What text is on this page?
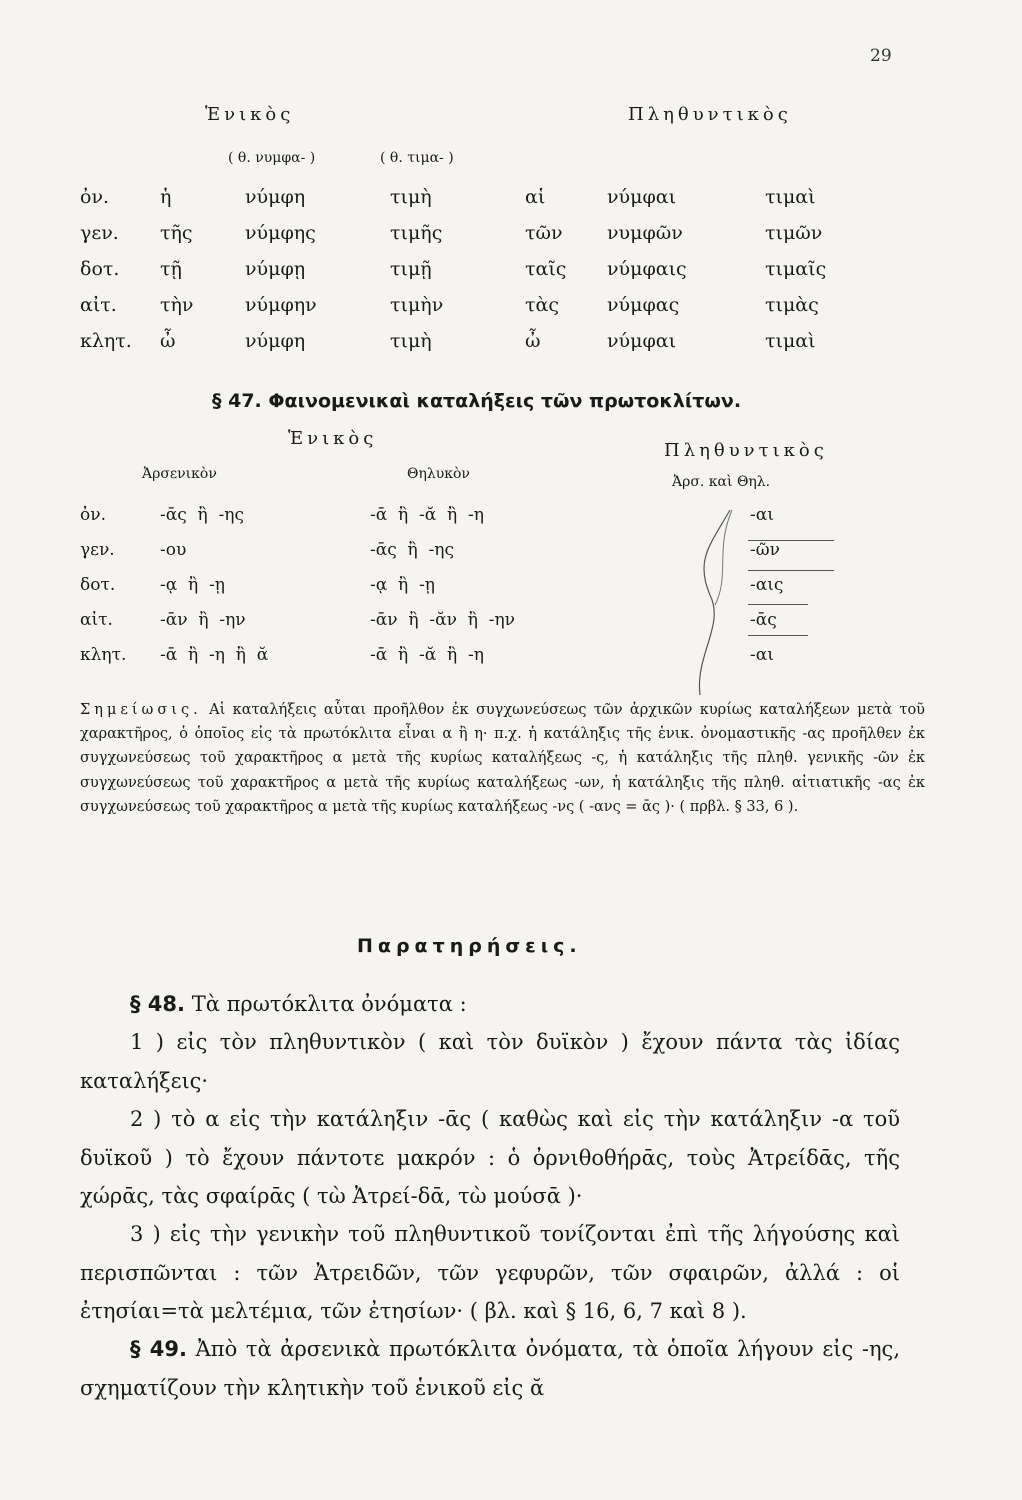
29
Ἑνικὸς	Πληθυντικὸς
( θ. νυμφα- )	( θ. τιμα- )
ὀν.	ἡ	νύμφη	τιμὴ	αἱ	νύμφαι	τιμαὶ
γεν. τῆς	νύμφης	τιμῆς	τῶν νυμφῶν	τιμῶν
δοτ. τῇ	νύμφῃ	τιμῇ	ταῖς νύμφαις	τιμαῖς
αἰτ. τὴν	νύμφην	τιμὴν	τὰς	νύμφας	τιμὰς
κλητ. ὦ	νύμφη	τιμὴ	ὦ	νύμφαι	τιμαὶ
§ 47. Φαινομενικαὶ καταλήξεις τῶν πρωτοκλίτων.
Ἑνικὸς
Πληθυντικὸς
Ἀρσενικὸν	Θηλυκὸν	Ἀρσ. καὶ Θηλ.
ὀν.	-ᾱς  ἢ  -ης	-ᾱ  ἢ  -ᾰ  ἢ  -η	-αι
γεν.	-ου	-ᾱς  ἢ  -ης	-ῶν
δοτ.	-ᾳ  ἢ  -ῃ	-ᾳ  ἢ  -ῃ	-αις
αἰτ.	-ᾱν  ἢ  -ην	-ᾱν  ἢ  -ᾰν  ἢ  -ην	-ᾱς
κλητ. -ᾱ  ἢ  -η  ἢ  ᾰ	-ᾱ  ἢ  -ᾰ  ἢ  -η	-αι
Σημείωσις. Αἱ καταλήξεις αὗται προῆλθον ἐκ συγχωνεύσεως τῶν ἀρχικῶν κυρίως καταλήξεων μετὰ τοῦ χαρακτῆρος, ὁ ὁποῖος εἰς τὰ πρωτόκλιτα εἶναι α ἢ η· π.χ. ἡ κατάληξις τῆς ἑνικ. ὀνομαστικῆς -ας προῆλθεν ἐκ συγχωνεύσεως τοῦ χαρακτῆρος α μετὰ τῆς κυρίως καταλήξεως -ς, ἡ κατάληξις τῆς πληθ. γενικῆς -ῶν ἐκ συγχωνεύσεως τοῦ χαρακτῆρος α μετὰ τῆς κυρίως καταλήξεως -ων, ἡ κατάληξις τῆς πληθ. αἰτιατικῆς -ας ἐκ συγχωνεύσεως τοῦ χαρακτῆρος α μετὰ τῆς κυρίως καταλήξεως -νς ( -ανς = ᾱς )· ( πρβλ. § 33, 6 ).
Παρατηρήσεις.
§ 48. Τὰ πρωτόκλιτα ὀνόματα :
1 ) εἰς τὸν πληθυντικὸν ( καὶ τὸν δυϊκὸν ) ἔχουν πάντα τὰς ἰδίας καταλήξεις·
2 ) τὸ α εἰς τὴν κατάληξιν -ᾱς ( καθὼς καὶ εἰς τὴν κατάληξιν -α τοῦ δυϊκοῦ ) τὸ ἔχουν πάντοτε μακρόν : ὁ ὀρνιθοθήρᾱς, τοὺς Ἀτρείδᾱς, τῆς χώρᾱς, τὰς σφαίρᾱς ( τὼ Ἀτρεί-δᾱ, τὼ μούσᾱ )·
3 ) εἰς τὴν γενικὴν τοῦ πληθυντικοῦ τονίζονται ἐπὶ τῆς λήγούσης καὶ περισπῶνται : τῶν Ἀτρειδῶν, τῶν γεφυρῶν, τῶν σφαιρῶν, ἀλλά : οἱ ἐτησίαι=τὰ μελτέμια, τῶν ἐτησίων· ( βλ. καὶ § 16, 6, 7 καὶ 8 ).
§ 49. Ἀπὸ τὰ ἀρσενικὰ πρωτόκλιτα ὀνόματα, τὰ ὁποῖα λήγουν εἰς -ης, σχηματίζουν τὴν κλητικὴν τοῦ ἑνικοῦ εἰς ᾰ
